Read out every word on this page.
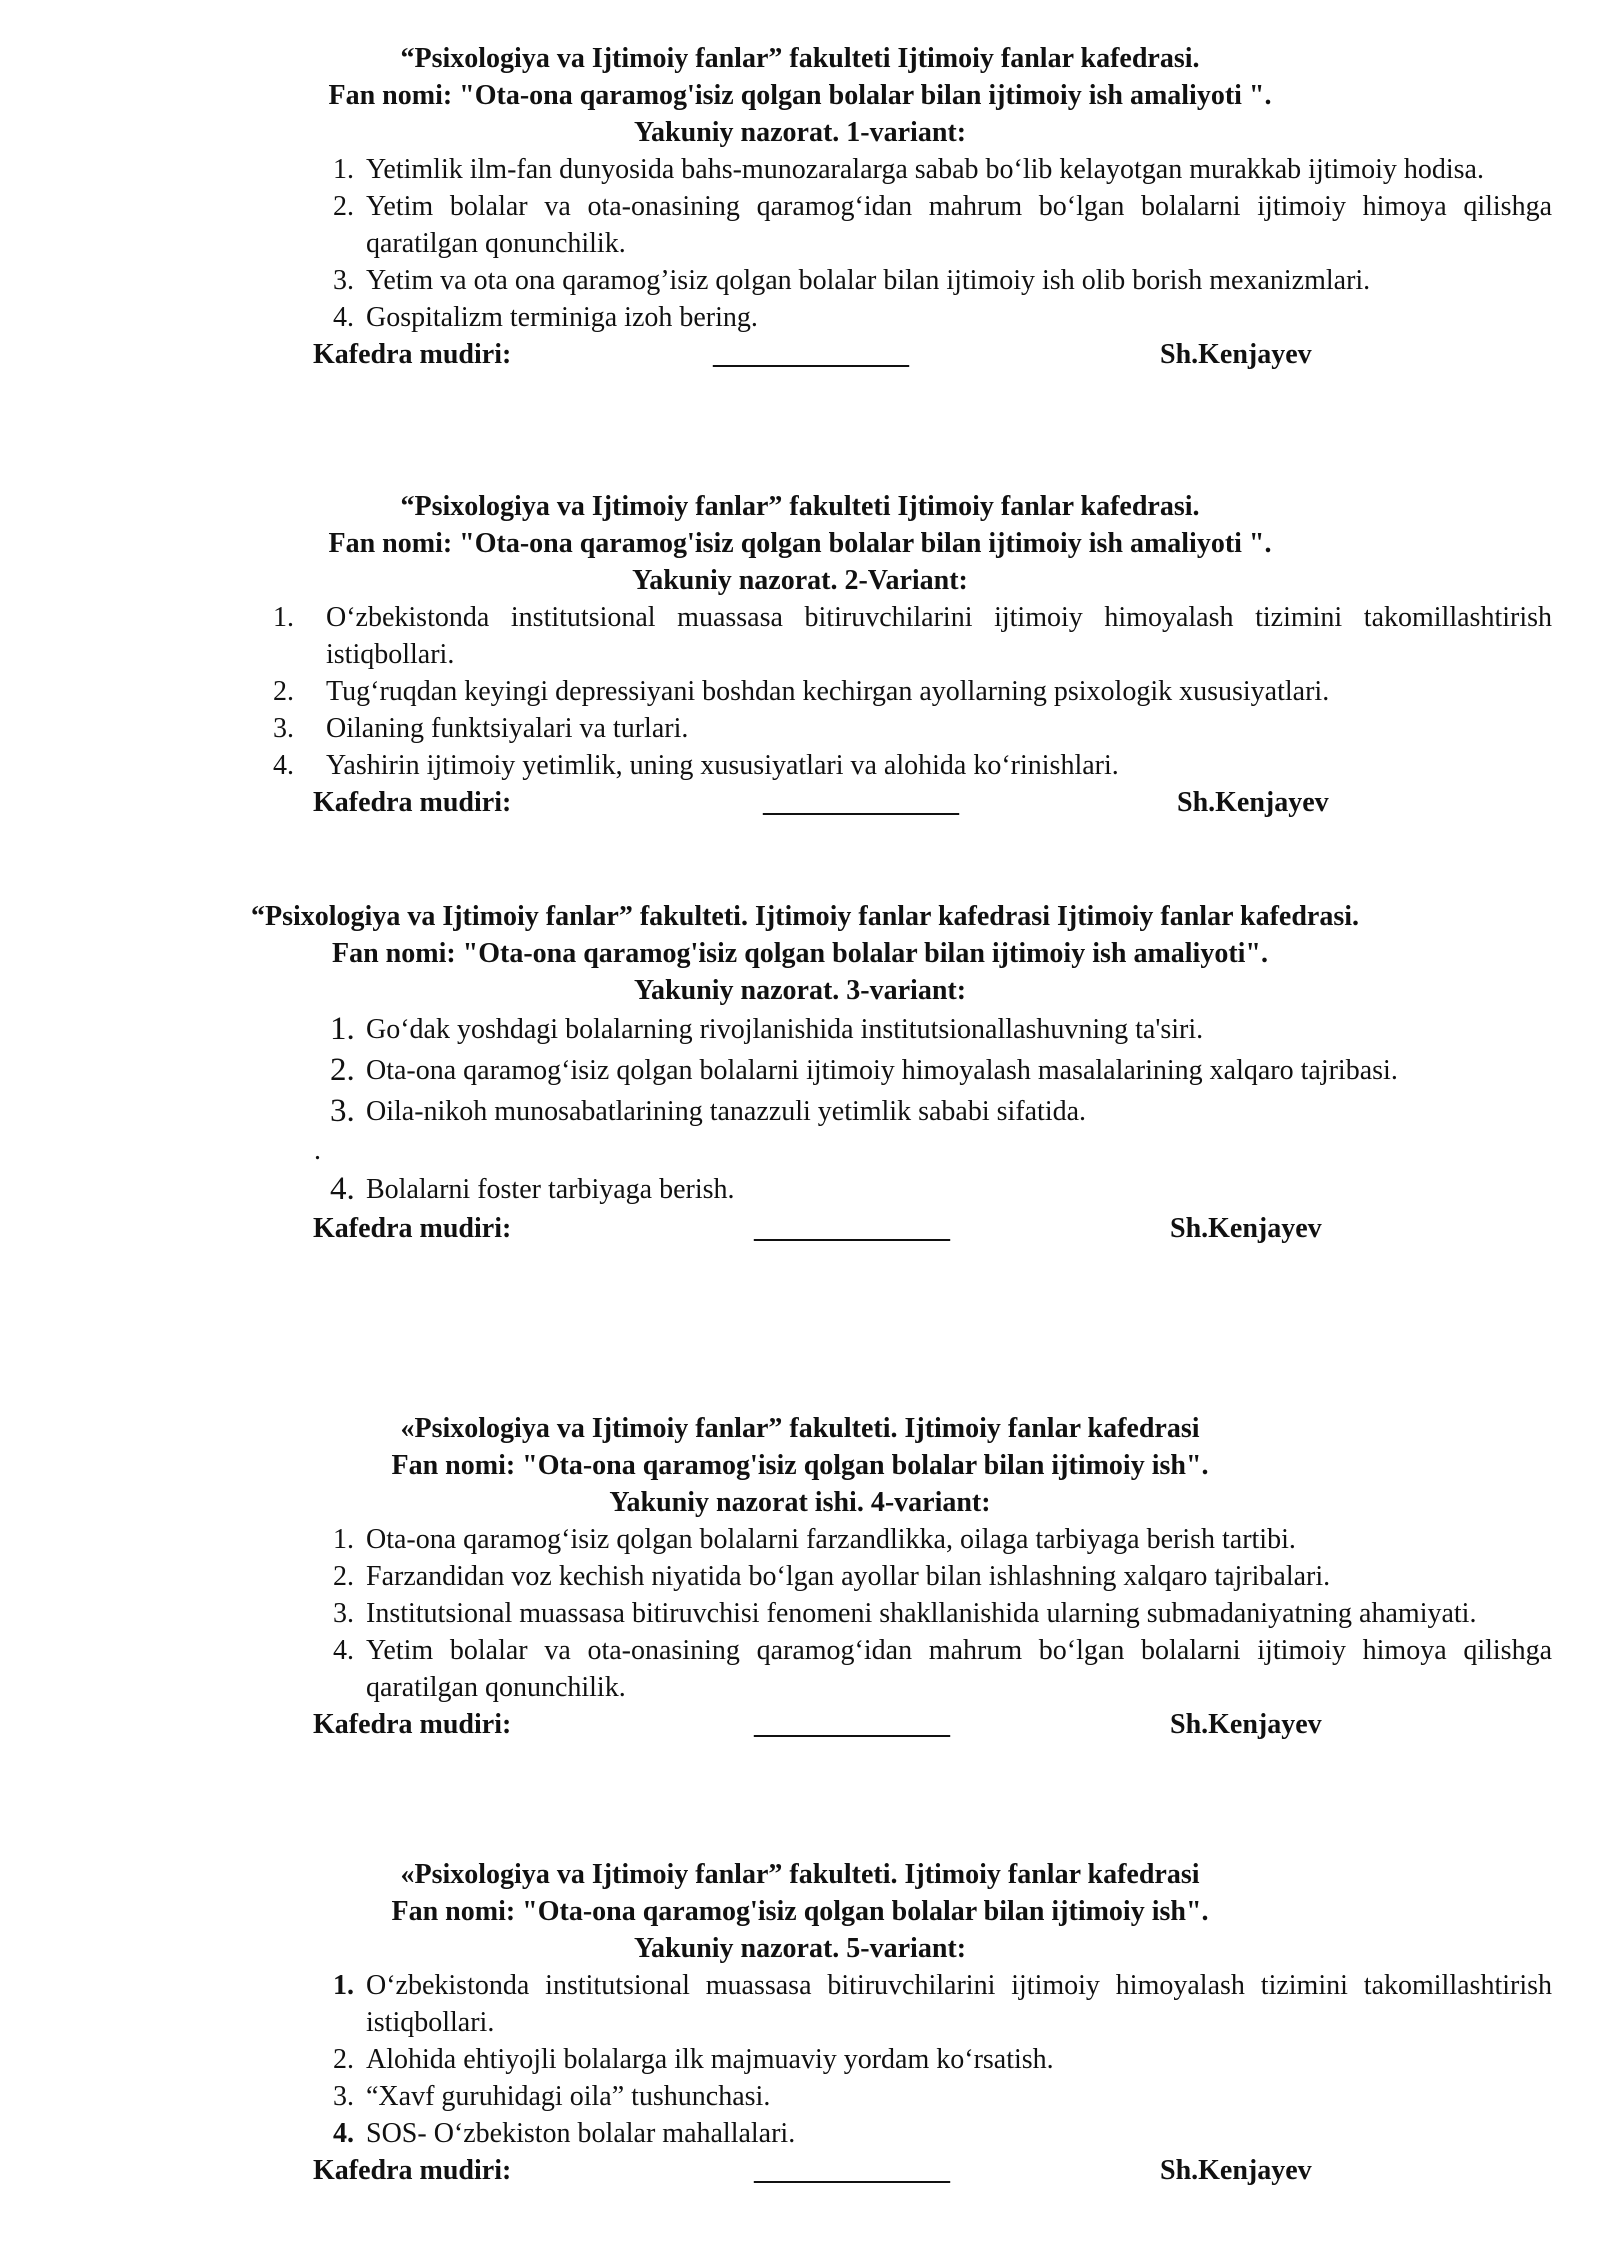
“Psixologiya va Ijtimoiy fanlar” fakulteti Ijtimoiy fanlar kafedrasi.
Fan nomi: "Ota-ona qaramog'isiz qolgan bolalar bilan ijtimoiy ish amaliyoti ".
Yakuniy nazorat. 1-variant:
1. Yetimlik ilm-fan dunyosida bahs-munozaralarga sabab bo‘lib kelayotgan murakkab ijtimoiy hodisa.
2. Yetim bolalar va ota-onasining qaramog‘idan mahrum bo‘lgan bolalarni ijtimoiy himoya qilishga qaratilgan qonunchilik.
3. Yetim va ota ona qaramog’isiz qolgan bolalar bilan ijtimoiy ish olib borish mexanizmlari.
4. Gospitalizm terminiga izoh bering.
Kafedra mudiri:	______________	Sh.Kenjayev
“Psixologiya va Ijtimoiy fanlar” fakulteti Ijtimoiy fanlar kafedrasi.
Fan nomi: "Ota-ona qaramog'isiz qolgan bolalar bilan ijtimoiy ish amaliyoti ".
Yakuniy nazorat. 2-Variant:
1. O‘zbekistonda institutsional muassasa bitiruvchilarini ijtimoiy himoyalash tizimini takomillashtirish istiqbollari.
2. Tug‘ruqdan keyingi depressiyani boshdan kechirgan ayollarning psixologik xususiyatlari.
3. Oilaning funktsiyalari va turlari.
4. Yashirin ijtimoiy yetimlik, uning xususiyatlari va alohida ko‘rinishlari.
Kafedra mudiri:	______________	Sh.Kenjayev
“Psixologiya va Ijtimoiy fanlar” fakulteti. Ijtimoiy fanlar kafedrasi Ijtimoiy fanlar kafedrasi.
Fan nomi: "Ota-ona qaramog'isiz qolgan bolalar bilan ijtimoiy ish amaliyoti".
Yakuniy nazorat. 3-variant:
1. Go‘dak yoshdagi bolalarning rivojlanishida institutsionallashuvning ta'siri.
2. Ota-ona qaramog‘isiz qolgan bolalarni ijtimoiy himoyalash masalalarining xalqaro tajribasi.
3. Oila-nikoh munosabatlarining tanazzuli yetimlik sababi sifatida.
.
4. Bolalarni foster tarbiyaga berish.
Kafedra mudiri:	______________	Sh.Kenjayev
«Psixologiya va Ijtimoiy fanlar” fakulteti. Ijtimoiy fanlar kafedrasi
Fan nomi: "Ota-ona qaramog'isiz qolgan bolalar bilan ijtimoiy ish".
Yakuniy nazorat ishi. 4-variant:
1. Ota-ona qaramog‘isiz qolgan bolalarni farzandlikka, oilaga tarbiyaga berish tartibi.
2. Farzandidan voz kechish niyatida bo‘lgan ayollar bilan ishlashning xalqaro tajribalari.
3. Institutsional muassasa bitiruvchisi fenomeni shakllanishida ularning submadaniyatning ahamiyati.
4. Yetim bolalar va ota-onasining qaramog‘idan mahrum bo‘lgan bolalarni ijtimoiy himoya qilishga qaratilgan qonunchilik.
Kafedra mudiri:	______________	Sh.Kenjayev
«Psixologiya va Ijtimoiy fanlar” fakulteti. Ijtimoiy fanlar kafedrasi
Fan nomi: "Ota-ona qaramog'isiz qolgan bolalar bilan ijtimoiy ish".
Yakuniy nazorat. 5-variant:
1. O‘zbekistonda institutsional muassasa bitiruvchilarini ijtimoiy himoyalash tizimini takomillashtirish istiqbollari.
2. Alohida ehtiyojli bolalarga ilk majmuaviy yordam ko‘rsatish.
3. “Xavf guruhidagi oila” tushunchasi.
4. SOS- O‘zbekiston bolalar mahallalari.
Kafedra mudiri:	______________	Sh.Kenjayev
